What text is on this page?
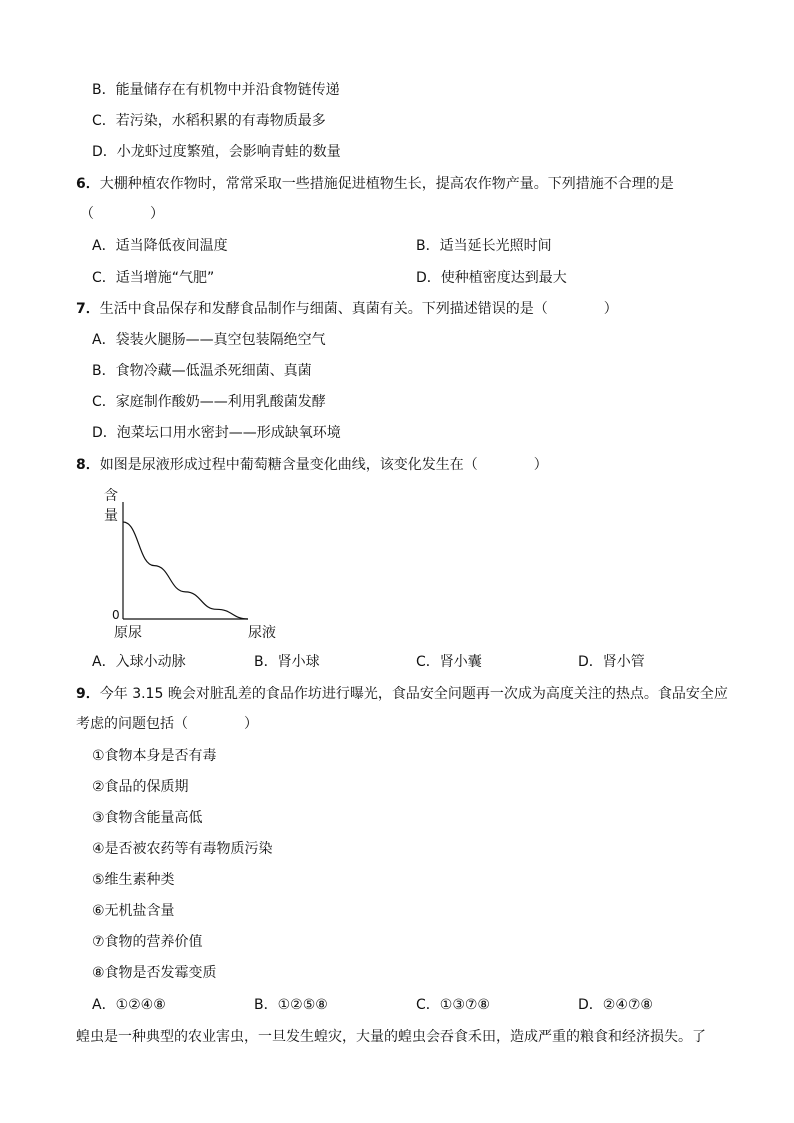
B．能量储存在有机物中并沿食物链传递
C．若污染，水稻积累的有毒物质最多
D．小龙虾过度繁殖，会影响青蛙的数量
6．大棚种植农作物时，常常采取一些措施促进植物生长，提高农作物产量。下列措施不合理的是
（　　　　）
A．适当降低夜间温度	B．适当延长光照时间
C．适当增施“气肥”	D．使种植密度达到最大
7．生活中食品保存和发酵食品制作与细菌、真菌有关。下列描述错误的是（　　　　）
A．袋装火腿肠——真空包装隔绝空气
B．食物冷藏—低温杀死细菌、真菌
C．家庭制作酸奶——利用乳酸菌发酵
D．泡菜坛口用水密封——形成缺氧环境
8．如图是尿液形成过程中葡萄糖含量变化曲线，该变化发生在（　　　　）
含
量
0
原尿	尿液
A．入球小动脉	B．肾小球	C．肾小囊	D．肾小管
9．今年 3.15 晚会对脏乱差的食品作坊进行曝光，食品安全问题再一次成为高度关注的热点。食品安全应
考虑的问题包括（　　　　）
①食物本身是否有毒
②食品的保质期
③食物含能量高低
④是否被农药等有毒物质污染
⑤维生素种类
⑥无机盐含量
⑦食物的营养价值
⑧食物是否发霉变质
A．①②④⑧	B．①②⑤⑧	C．①③⑦⑧	D．②④⑦⑧
蝗虫是一种典型的农业害虫，一旦发生蝗灾，大量的蝗虫会吞食禾田，造成严重的粮食和经济损失。了
